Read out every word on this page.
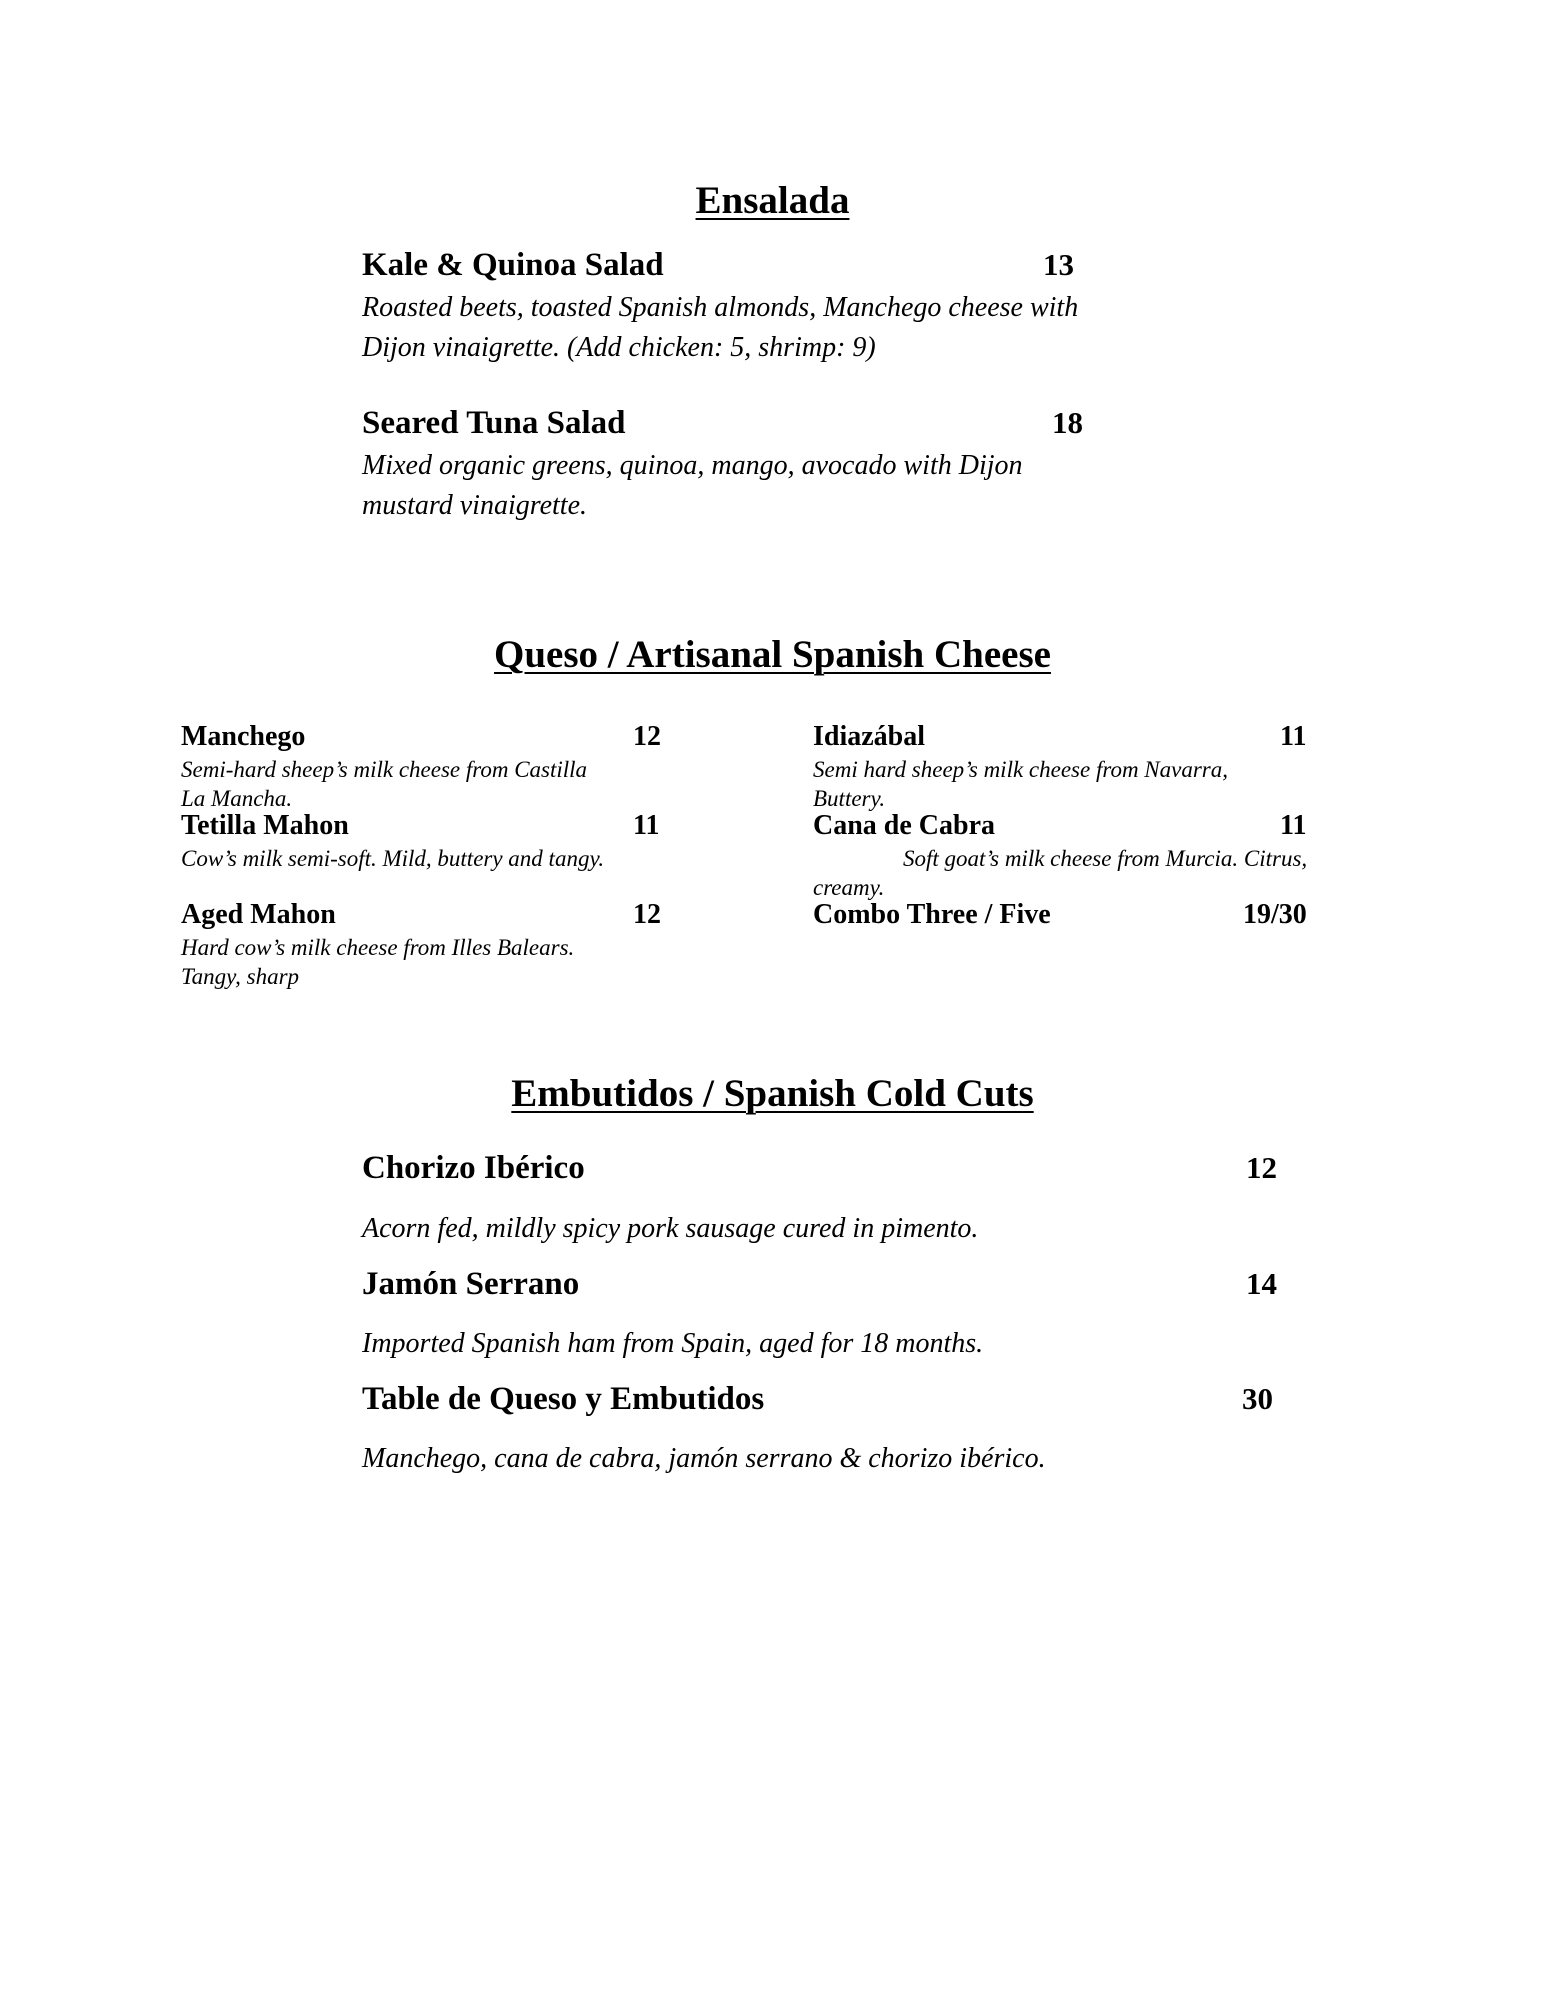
Ensalada
Kale & Quinoa Salad	13
Roasted beets, toasted Spanish almonds, Manchego cheese with
Dijon vinaigrette. (Add chicken: 5, shrimp: 9)
Seared Tuna Salad	18
Mixed organic greens, quinoa, mango, avocado with Dijon
mustard vinaigrette.
Queso / Artisanal Spanish Cheese
Manchego	12
Semi-hard sheep’s milk cheese from Castilla
La Mancha.
Tetilla Mahon	11
Cow’s milk semi-soft. Mild, buttery and tangy.
Aged Mahon	12
Hard cow’s milk cheese from Illes Balears.
Tangy, sharp
Idiazábal	11
Semi hard sheep’s milk cheese from Navarra,
Buttery.
Cana de Cabra	11
Soft goat’s milk cheese from Murcia. Citrus,
creamy.
Combo Three / Five	19/30
Embutidos / Spanish Cold Cuts
Chorizo Ibérico	12
Acorn fed, mildly spicy pork sausage cured in pimento.
Jamón Serrano	14
Imported Spanish ham from Spain, aged for 18 months.
Table de Queso y Embutidos	30
Manchego, cana de cabra, jamón serrano & chorizo ibérico.
